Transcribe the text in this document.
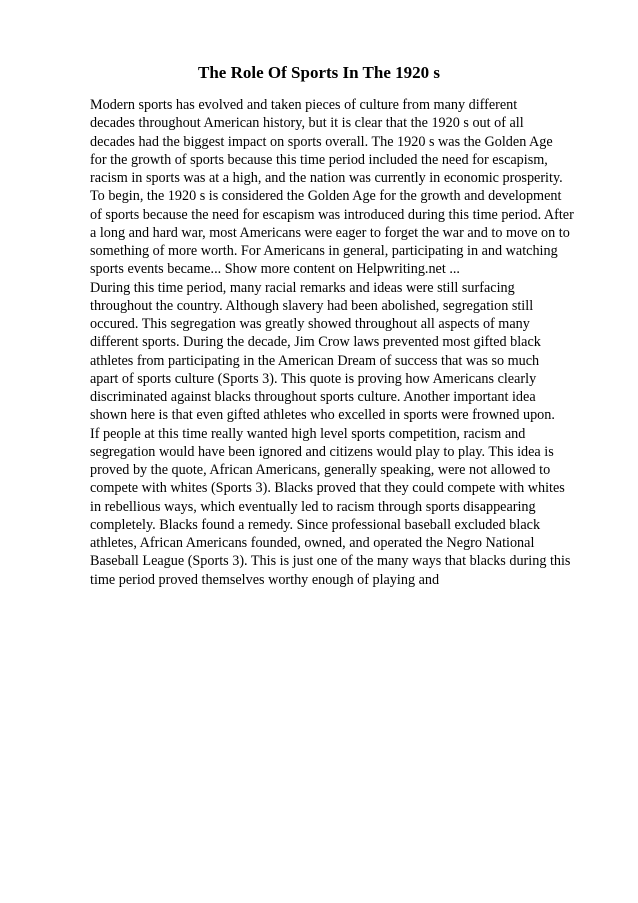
The Role Of Sports In The 1920 s
Modern sports has evolved and taken pieces of culture from many different
decades throughout American history, but it is clear that the 1920 s out of all
decades had the biggest impact on sports overall. The 1920 s was the Golden Age
for the growth of sports because this time period included the need for escapism,
racism in sports was at a high, and the nation was currently in economic prosperity.
To begin, the 1920 s is considered the Golden Age for the growth and development
of sports because the need for escapism was introduced during this time period. After
a long and hard war, most Americans were eager to forget the war and to move on to
something of more worth. For Americans in general, participating in and watching
sports events became... Show more content on Helpwriting.net ...
During this time period, many racial remarks and ideas were still surfacing
throughout the country. Although slavery had been abolished, segregation still
occured. This segregation was greatly showed throughout all aspects of many
different sports. During the decade, Jim Crow laws prevented most gifted black
athletes from participating in the American Dream of success that was so much
apart of sports culture (Sports 3). This quote is proving how Americans clearly
discriminated against blacks throughout sports culture. Another important idea
shown here is that even gifted athletes who excelled in sports were frowned upon.
If people at this time really wanted high level sports competition, racism and
segregation would have been ignored and citizens would play to play. This idea is
proved by the quote, African Americans, generally speaking, were not allowed to
compete with whites (Sports 3). Blacks proved that they could compete with whites
in rebellious ways, which eventually led to racism through sports disappearing
completely. Blacks found a remedy. Since professional baseball excluded black
athletes, African Americans founded, owned, and operated the Negro National
Baseball League (Sports 3). This is just one of the many ways that blacks during this
time period proved themselves worthy enough of playing and
